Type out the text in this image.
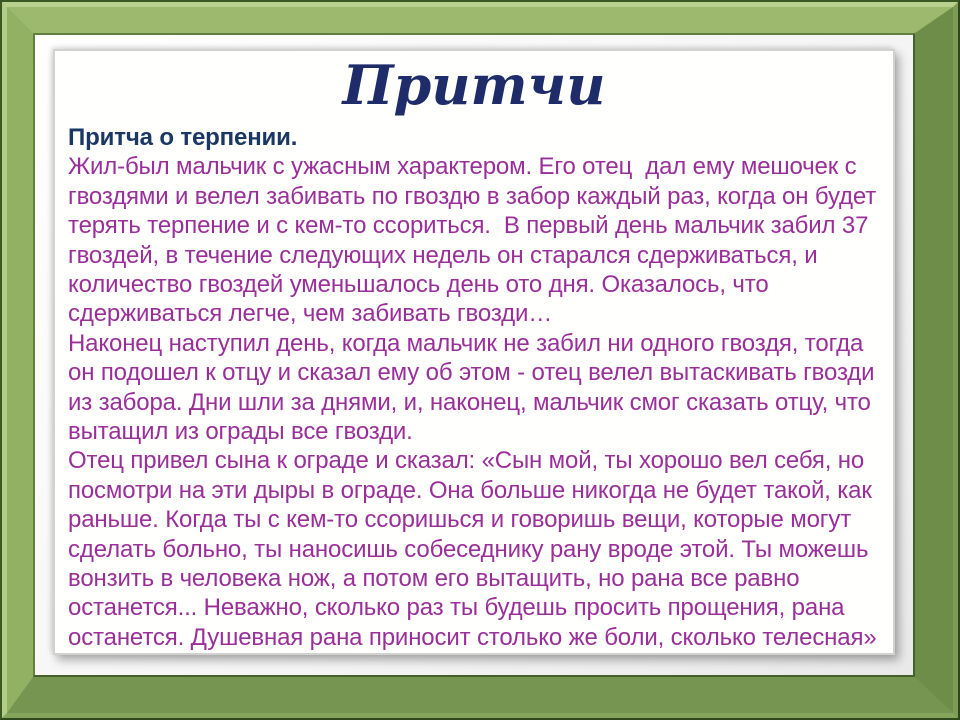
Притчи
Притча о терпении.
Жил-был мальчик с ужасным характером. Его отец  дал ему мешочек с
гвоздями и велел забивать по гвоздю в забор каждый раз, когда он будет
терять терпение и с кем-то ссориться.  В первый день мальчик забил 37
гвоздей, в течение следующих недель он старался сдерживаться, и
количество гвоздей уменьшалось день ото дня. Оказалось, что
сдерживаться легче, чем забивать гвозди…
Наконец наступил день, когда мальчик не забил ни одного гвоздя, тогда
он подошел к отцу и сказал ему об этом - отец велел вытаскивать гвозди
из забора. Дни шли за днями, и, наконец, мальчик смог сказать отцу, что
вытащил из ограды все гвозди.
Отец привел сына к ограде и сказал: «Сын мой, ты хорошо вел себя, но
посмотри на эти дыры в ограде. Она больше никогда не будет такой, как
раньше. Когда ты с кем-то ссоришься и говоришь вещи, которые могут
сделать больно, ты наносишь собеседнику рану вроде этой. Ты можешь
вонзить в человека нож, а потом его вытащить, но рана все равно
останется... Неважно, сколько раз ты будешь просить прощения, рана
останется. Душевная рана приносит столько же боли, сколько телесная»
